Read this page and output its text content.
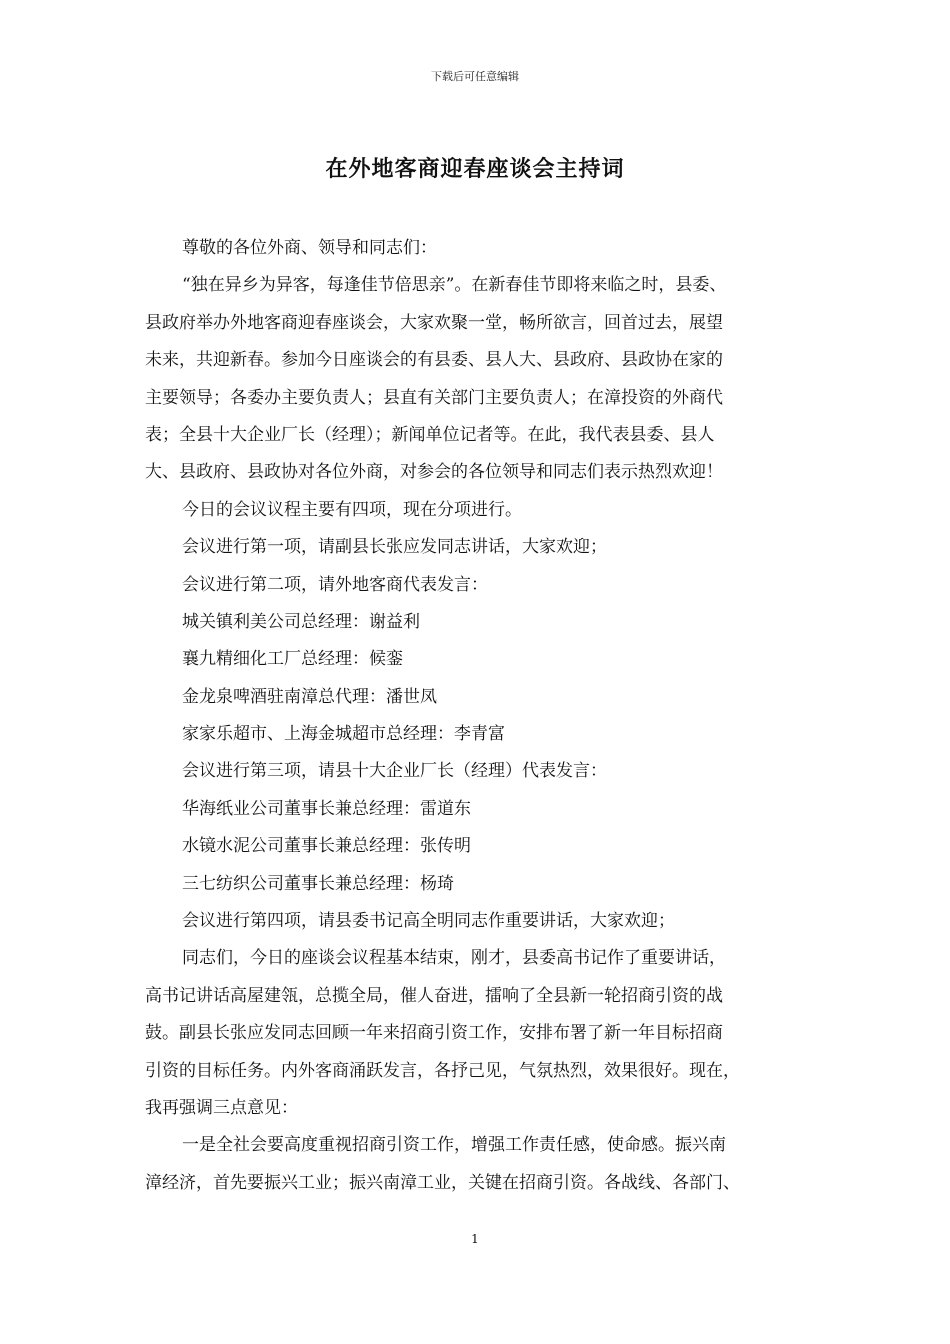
下载后可任意编辑
在外地客商迎春座谈会主持词
尊敬的各位外商、领导和同志们：
“独在异乡为异客，每逢佳节倍思亲”。在新春佳节即将来临之时，县委、
县政府举办外地客商迎春座谈会，大家欢聚一堂，畅所欲言，回首过去，展望
未来，共迎新春。参加今日座谈会的有县委、县人大、县政府、县政协在家的
主要领导；各委办主要负责人；县直有关部门主要负责人；在漳投资的外商代
表；全县十大企业厂长（经理）；新闻单位记者等。在此，我代表县委、县人
大、县政府、县政协对各位外商，对参会的各位领导和同志们表示热烈欢迎！
今日的会议议程主要有四项，现在分项进行。
会议进行第一项，请副县长张应发同志讲话，大家欢迎；
会议进行第二项，请外地客商代表发言：
城关镇利美公司总经理：谢益利
襄九精细化工厂总经理：候銮
金龙泉啤酒驻南漳总代理：潘世凤
家家乐超市、上海金城超市总经理：李青富
会议进行第三项，请县十大企业厂长（经理）代表发言：
华海纸业公司董事长兼总经理：雷道东
水镜水泥公司董事长兼总经理：张传明
三七纺织公司董事长兼总经理：杨琦
会议进行第四项，请县委书记高全明同志作重要讲话，大家欢迎；
同志们，今日的座谈会议程基本结束，刚才，县委高书记作了重要讲话，
高书记讲话高屋建瓴，总揽全局，催人奋进，擂响了全县新一轮招商引资的战
鼓。副县长张应发同志回顾一年来招商引资工作，安排布署了新一年目标招商
引资的目标任务。内外客商涌跃发言，各抒己见，气氛热烈，效果很好。现在，
我再强调三点意见：
一是全社会要高度重视招商引资工作，增强工作责任感，使命感。振兴南
漳经济，首先要振兴工业；振兴南漳工业，关键在招商引资。各战线、各部门、
1
